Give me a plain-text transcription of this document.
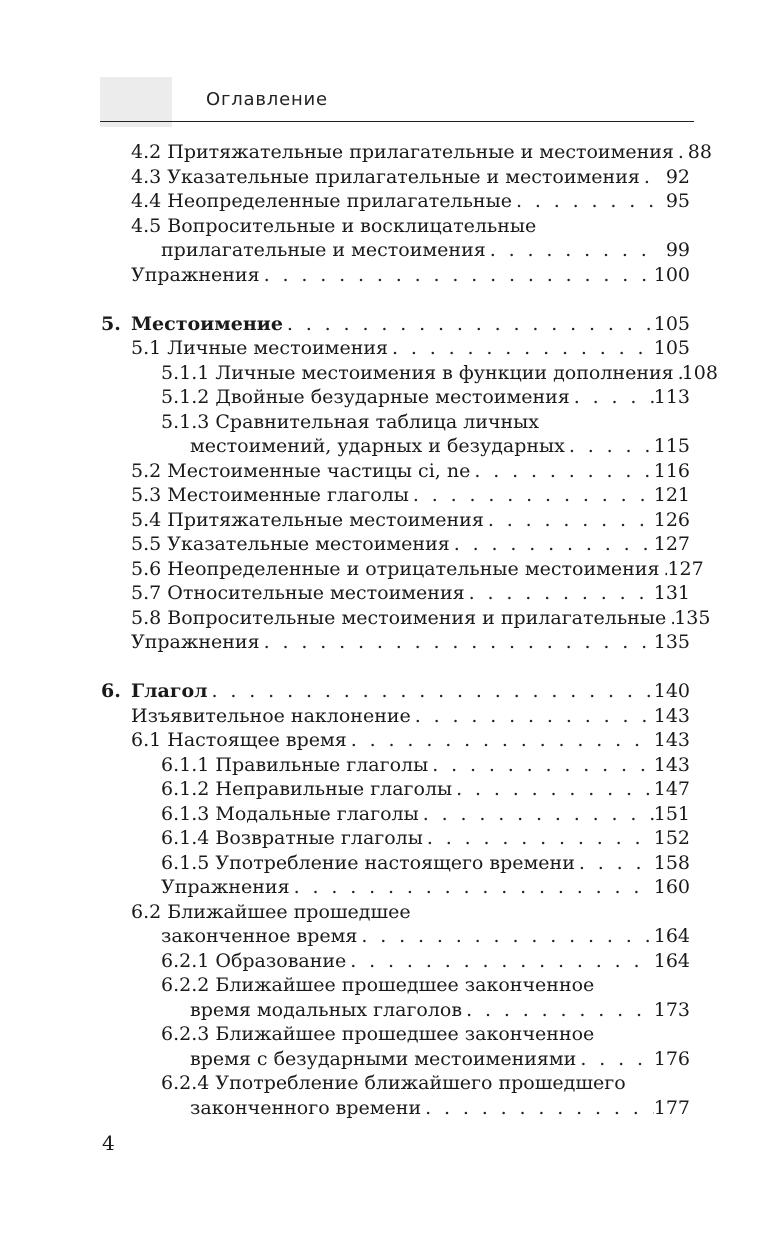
Оглавление
4.2 Притяжательные прилагательные и местоимения . . . 88
4.3 Указательные прилагательные и местоимения . . .	92
4.4 Неопределенные прилагательные . . .	95
4.5 Вопросительные и восклицательные
прилагательные и местоимения . . .	99
Упражнения . . .	100
5. Местоимение . . .	105
5.1 Личные местоимения . . .	105
5.1.1 Личные местоимения в функции дополнения . . . 108
5.1.2 Двойные безударные местоимения . . .	113
5.1.3 Сравнительная таблица личных
местоимений, ударных и безударных . . .	115
5.2 Местоименные частицы ci, ne . . .	116
5.3 Местоименные глаголы . . .	121
5.4 Притяжательные местоимения . . .	126
5.5 Указательные местоимения . . .	127
5.6 Неопределенные и отрицательные местоимения . . . 127
5.7 Относительные местоимения . . .	131
5.8 Вопросительные местоимения и прилагательные . . . 135
Упражнения . . .	135
6. Глагол . . .	140
Изъявительное наклонение . . .	143
6.1 Настоящее время . . .	143
6.1.1 Правильные глаголы . . .	143
6.1.2 Неправильные глаголы . . .	147
6.1.3 Модальные глаголы . . .	151
6.1.4 Возвратные глаголы . . .	152
6.1.5 Употребление настоящего времени . . .	158
Упражнения . . .	160
6.2 Ближайшее прошедшее
законченное время . . .	164
6.2.1 Образование . . .	164
6.2.2 Ближайшее прошедшее законченное
время модальных глаголов . . .	173
6.2.3 Ближайшее прошедшее законченное
время с безударными местоимениями . . .	176
6.2.4 Употребление ближайшего прошедшего
законченного времени . . .	177
4
